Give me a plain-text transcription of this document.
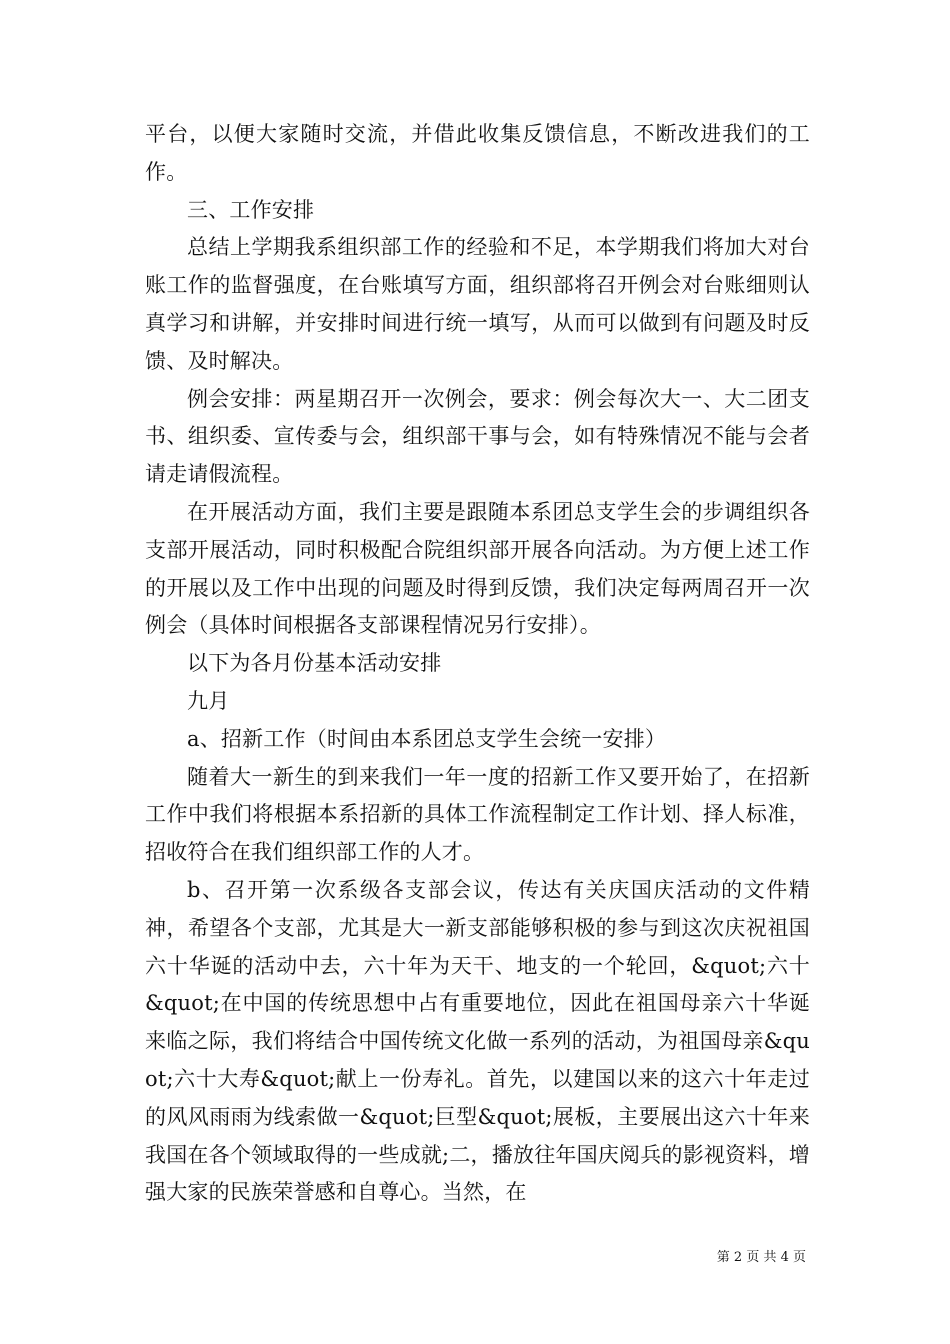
平台，以便大家随时交流，并借此收集反馈信息，不断改进我们的工作。

三、工作安排

总结上学期我系组织部工作的经验和不足，本学期我们将加大对台账工作的监督强度，在台账填写方面，组织部将召开例会对台账细则认真学习和讲解，并安排时间进行统一填写，从而可以做到有问题及时反馈、及时解决。

例会安排：两星期召开一次例会，要求：例会每次大一、大二团支书、组织委、宣传委与会，组织部干事与会，如有特殊情况不能与会者请走请假流程。

在开展活动方面，我们主要是跟随本系团总支学生会的步调组织各支部开展活动，同时积极配合院组织部开展各向活动。为方便上述工作的开展以及工作中出现的问题及时得到反馈，我们决定每两周召开一次例会（具体时间根据各支部课程情况另行安排）。

以下为各月份基本活动安排

九月

a、招新工作（时间由本系团总支学生会统一安排）

随着大一新生的到来我们一年一度的招新工作又要开始了，在招新工作中我们将根据本系招新的具体工作流程制定工作计划、择人标准，招收符合在我们组织部工作的人才。

b、召开第一次系级各支部会议，传达有关庆国庆活动的文件精神，希望各个支部，尤其是大一新支部能够积极的参与到这次庆祝祖国六十华诞的活动中去，六十年为天干、地支的一个轮回，&quot;六十&quot;在中国的传统思想中占有重要地位，因此在祖国母亲六十华诞来临之际，我们将结合中国传统文化做一系列的活动，为祖国母亲&quot;六十大寿&quot;献上一份寿礼。首先，以建国以来的这六十年走过的风风雨雨为线索做一&quot;巨型&quot;展板，主要展出这六十年来我国在各个领域取得的一些成就;二，播放往年国庆阅兵的影视资料，增强大家的民族荣誉感和自尊心。当然，在

第 2 页 共 4 页
